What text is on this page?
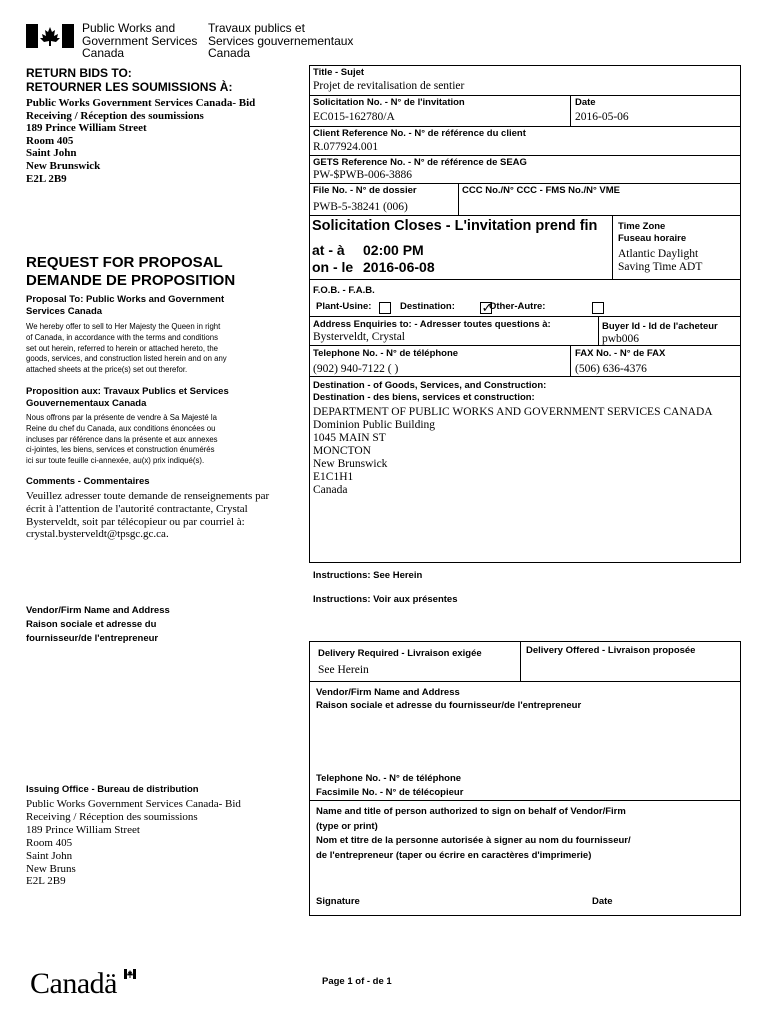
Public Works and
Government Services
Canada
Travaux publics et
Services gouvernementaux
Canada
RETURN BIDS TO:
RETOURNER LES SOUMISSIONS À:
Public Works Government Services Canada- Bid
Receiving / Réception des soumissions
189 Prince William Street
Room 405
Saint John
New Brunswick
E2L 2B9
REQUEST FOR PROPOSAL
DEMANDE DE PROPOSITION
Proposal To: Public Works and Government
Services Canada
We hereby offer to sell to Her Majesty the Queen in right
of Canada, in accordance with the terms and conditions
set out herein, referred to herein or attached hereto, the
goods, services, and construction listed herein and on any
attached sheets at the price(s) set out therefor.
Proposition aux: Travaux Publics et Services
Gouvernementaux Canada
Nous offrons par la présente de vendre à Sa Majesté la
Reine du chef du Canada, aux conditions énoncées ou
incluses par référence dans la présente et aux annexes
ci-jointes, les biens, services et construction énumérés
ici sur toute feuille ci-annexée, au(x) prix indiqué(s).
Comments - Commentaires
Veuillez adresser toute demande de renseignements par
écrit à l'attention de l'autorité contractante, Crystal
Bysterveldt, soit par télécopieur ou par courriel à:
crystal.bysterveldt@tpsgc.gc.ca.
Vendor/Firm Name and Address
Raison sociale et adresse du
fournisseur/de l'entrepreneur
Issuing Office - Bureau de distribution
Public Works Government Services Canada- Bid
Receiving / Réception des soumissions
189 Prince William Street
Room 405
Saint John
New Bruns
E2L 2B9
Title - Sujet
Projet de revitalisation de sentier
Solicitation No. - N° de l'invitation
EC015-162780/A
Date
2016-05-06
Client Reference No. - N° de référence du client
R.077924.001
GETS Reference No. - N° de référence de SEAG
PW-$PWB-006-3886
File No. - N° de dossier
PWB-5-38241 (006)
CCC No./N° CCC - FMS No./N° VME
Solicitation Closes - L'invitation prend fin
at - à 02:00 PM
on - le 2016-06-08
Time Zone
Fuseau horaire
Atlantic Daylight
Saving Time ADT
F.O.B. - F.A.B.
Plant-Usine:
	Destination: ✓

Other-Autre:
Address Enquiries to: - Adresser toutes questions à:
Bysterveldt, Crystal
Buyer Id - Id de l'acheteur
pwb006
Telephone No. - N° de téléphone
(902) 940-7122 ( )
FAX No. - N° de FAX
(506) 636-4376
Destination - of Goods, Services, and Construction:
Destination - des biens, services et construction:
DEPARTMENT OF PUBLIC WORKS AND GOVERNMENT SERVICES CANADA
Dominion Public Building
1045 MAIN ST
MONCTON
New Brunswick
E1C1H1
Canada
Instructions: See Herein
Instructions: Voir aux présentes
Delivery Required - Livraison exigée
See Herein
Delivery Offered - Livraison proposée
Vendor/Firm Name and Address
Raison sociale et adresse du fournisseur/de l'entrepreneur
Telephone No. - N° de téléphone
Facsimile No. - N° de télécopieur
Name and title of person authorized to sign on behalf of Vendor/Firm
(type or print)
Nom et titre de la personne autorisée à signer au nom du fournisseur/
de l'entrepreneur (taper ou écrire en caractères d'imprimerie)
Signature	Date
Page 1 of - de 1
Canadä
